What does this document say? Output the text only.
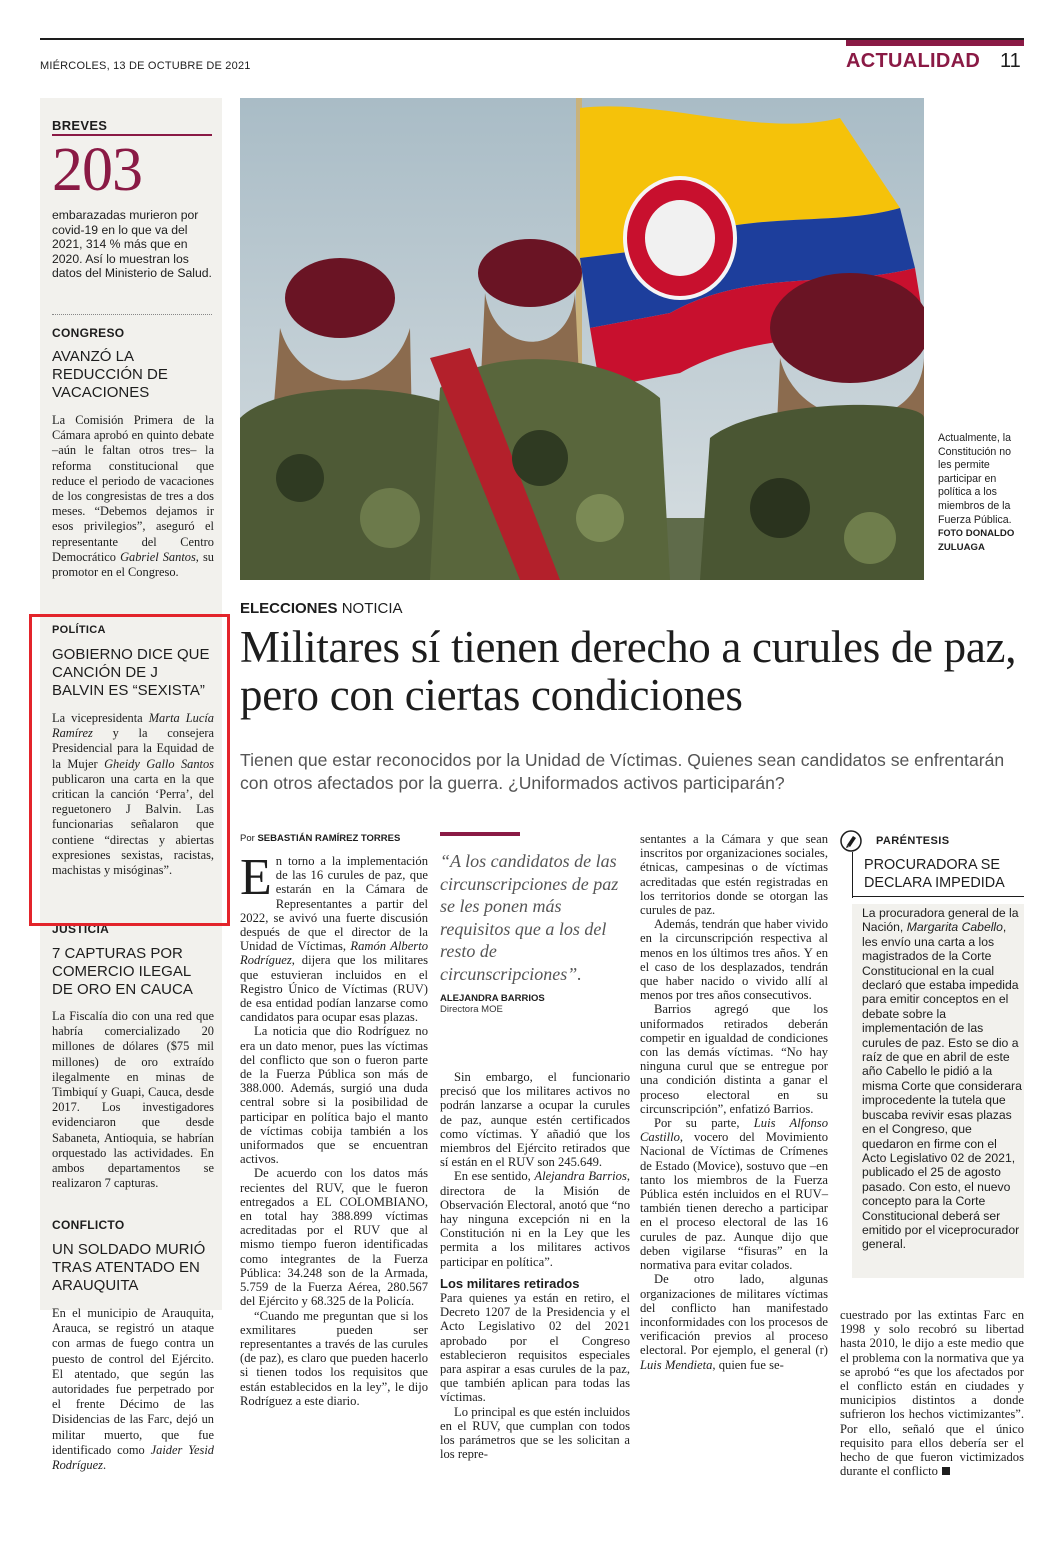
MIÉRCOLES, 13 DE OCTUBRE DE 2021	ACTUALIDAD 11
BREVES
203
embarazadas murieron por covid-19 en lo que va del 2021, 314 % más que en 2020. Así lo muestran los datos del Ministerio de Salud.
CONGRESO
AVANZÓ LA REDUCCIÓN DE VACACIONES
La Comisión Primera de la Cámara aprobó en quinto debate –aún le faltan otros tres– la reforma constitucional que reduce el periodo de vacaciones de los congresistas de tres a dos meses. “Debemos dejamos ir esos privilegios”, aseguró el representante del Centro Democrático Gabriel Santos, su promotor en el Congreso.
POLÍTICA
GOBIERNO DICE QUE CANCIÓN DE J BALVIN ES “SEXISTA”
La vicepresidenta Marta Lucía Ramírez y la consejera Presidencial para la Equidad de la Mujer Gheidy Gallo Santos publicaron una carta en la que critican la canción ‘Perra’, del reguetonero J Balvin. Las funcionarias señalaron que contiene “directas y abiertas expresiones sexistas, racistas, machistas y misóginas”.
JUSTICIA
7 CAPTURAS POR COMERCIO ILEGAL DE ORO EN CAUCA
La Fiscalía dio con una red que habría comercializado 20 millones de dólares ($75 mil millones) de oro extraído ilegalmente en minas de Timbiquí y Guapi, Cauca, desde 2017. Los investigadores evidenciaron que desde Sabaneta, Antioquia, se habrían orquestado las actividades. En ambos departamentos se realizaron 7 capturas.
CONFLICTO
UN SOLDADO MURIÓ TRAS ATENTADO EN ARAUQUITA
En el municipio de Arauquita, Arauca, se registró un ataque con armas de fuego contra un puesto de control del Ejército. El atentado, que según las autoridades fue perpetrado por el frente Décimo de las Disidencias de las Farc, dejó un militar muerto, que fue identificado como Jaider Yesid Rodríguez.
Actualmente, la Constitución no les permite participar en política a los miembros de la Fuerza Pública. FOTO DONALDO ZULUAGA
ELECCIONES NOTICIA
Militares sí tienen derecho a curules de paz, pero con ciertas condiciones
Tienen que estar reconocidos por la Unidad de Víctimas. Quienes sean candidatos se enfrentarán con otros afectados por la guerra. ¿Uniformados activos participarán?
Por SEBASTIÁN RAMÍREZ TORRES

En torno a la implementación de las 16 curules de paz, que estarán en la Cámara de Representantes a partir del 2022, se avivó una fuerte discusión después de que el director de la Unidad de Víctimas, Ramón Alberto Rodríguez, dijera que los militares que estuvieran incluidos en el Registro Único de Víctimas (RUV) de esa entidad podían lanzarse como candidatos para ocupar esas plazas.

La noticia que dio Rodríguez no era un dato menor, pues las víctimas del conflicto que son o fueron parte de la Fuerza Pública son más de 388.000. Además, surgió una duda central sobre si la posibilidad de participar en política bajo el manto de víctimas cobija también a los uniformados que se encuentran activos.

De acuerdo con los datos más recientes del RUV, que le fueron entregados a EL COLOMBIANO, en total hay 388.899 víctimas acreditadas por el RUV que al mismo tiempo fueron identificadas como integrantes de la Fuerza Pública: 34.248 son de la Armada, 5.759 de la Fuerza Aérea, 280.567 del Ejército y 68.325 de la Policía.

“Cuando me preguntan que si los exmilitares pueden ser representantes a través de las curules (de paz), es claro que pueden hacerlo si tienen todos los requisitos que están establecidos en la ley”, le dijo Rodríguez a este diario.

“A los candidatos de las circunscripciones de paz se les ponen más requisitos que a los del resto de circunscripciones”.
ALEJANDRA BARRIOS
Directora MOE

Sin embargo, el funcionario precisó que los militares activos no podrán lanzarse a ocupar la curules de paz, aunque estén certificados como víctimas. Y añadió que los miembros del Ejército retirados que sí están en el RUV son 245.649.

En ese sentido, Alejandra Barrios, directora de la Misión de Observación Electoral, anotó que “no hay ninguna excepción ni en la Constitución ni en la Ley que les permita a los militares activos participar en política”.

Los militares retirados

Para quienes ya están en retiro, el Decreto 1207 de la Presidencia y el Acto Legislativo 02 del 2021 aprobado por el Congreso establecieron requisitos especiales para aspirar a esas curules de la paz, que también aplican para todas las víctimas.

Lo principal es que estén incluidos en el RUV, que cumplan con todos los parámetros que se les solicitan a los repre-

sentantes a la Cámara y que sean inscritos por organizaciones sociales, étnicas, campesinas o de víctimas acreditadas que estén registradas en los territorios donde se otorgan las curules de paz.

Además, tendrán que haber vivido en la circunscripción respectiva al menos en los últimos tres años. Y en el caso de los desplazados, tendrán que haber nacido o vivido allí al menos por tres años consecutivos.

Barrios agregó que los uniformados retirados deberán competir en igualdad de condiciones con las demás víctimas. “No hay ninguna curul que se entregue por una condición distinta a ganar el proceso electoral en su circunscripción”, enfatizó Barrios.

Por su parte, Luis Alfonso Castillo, vocero del Movimiento Nacional de Víctimas de Crímenes de Estado (Movice), sostuvo que –en tanto los miembros de la Fuerza Pública estén incluidos en el RUV– también tienen derecho a participar en el proceso electoral de las 16 curules de paz. Aunque dijo que deben vigilarse “fisuras” en la normativa para evitar colados.

De otro lado, algunas organizaciones de militares víctimas del conflicto han manifestado inconformidades con los procesos de verificación previos al proceso electoral. Por ejemplo, el general (r) Luis Mendieta, quien fue se-

PARÉNTESIS
PROCURADORA SE DECLARA IMPEDIDA
La procuradora general de la Nación, Margarita Cabello, les envío una carta a los magistrados de la Corte Constitucional en la cual declaró que estaba impedida para emitir conceptos en el debate sobre la implementación de las curules de paz. Esto se dio a raíz de que en abril de este año Cabello le pidió a la misma Corte que considerara improcedente la tutela que buscaba revivir esas plazas en el Congreso, que quedaron en firme con el Acto Legislativo 02 de 2021, publicado el 25 de agosto pasado. Con esto, el nuevo concepto para la Corte Constitucional deberá ser emitido por el viceprocurador general.

cuestrado por las extintas Farc en 1998 y solo recobró su libertad hasta 2010, le dijo a este medio que el problema con la normativa que ya se aprobó “es que los afectados por el conflicto están en ciudades y municipios distintos a donde sufrieron los hechos victimizantes”. Por ello, señaló que el único requisito para ellos debería ser el hecho de que fueron victimizados durante el conflicto
